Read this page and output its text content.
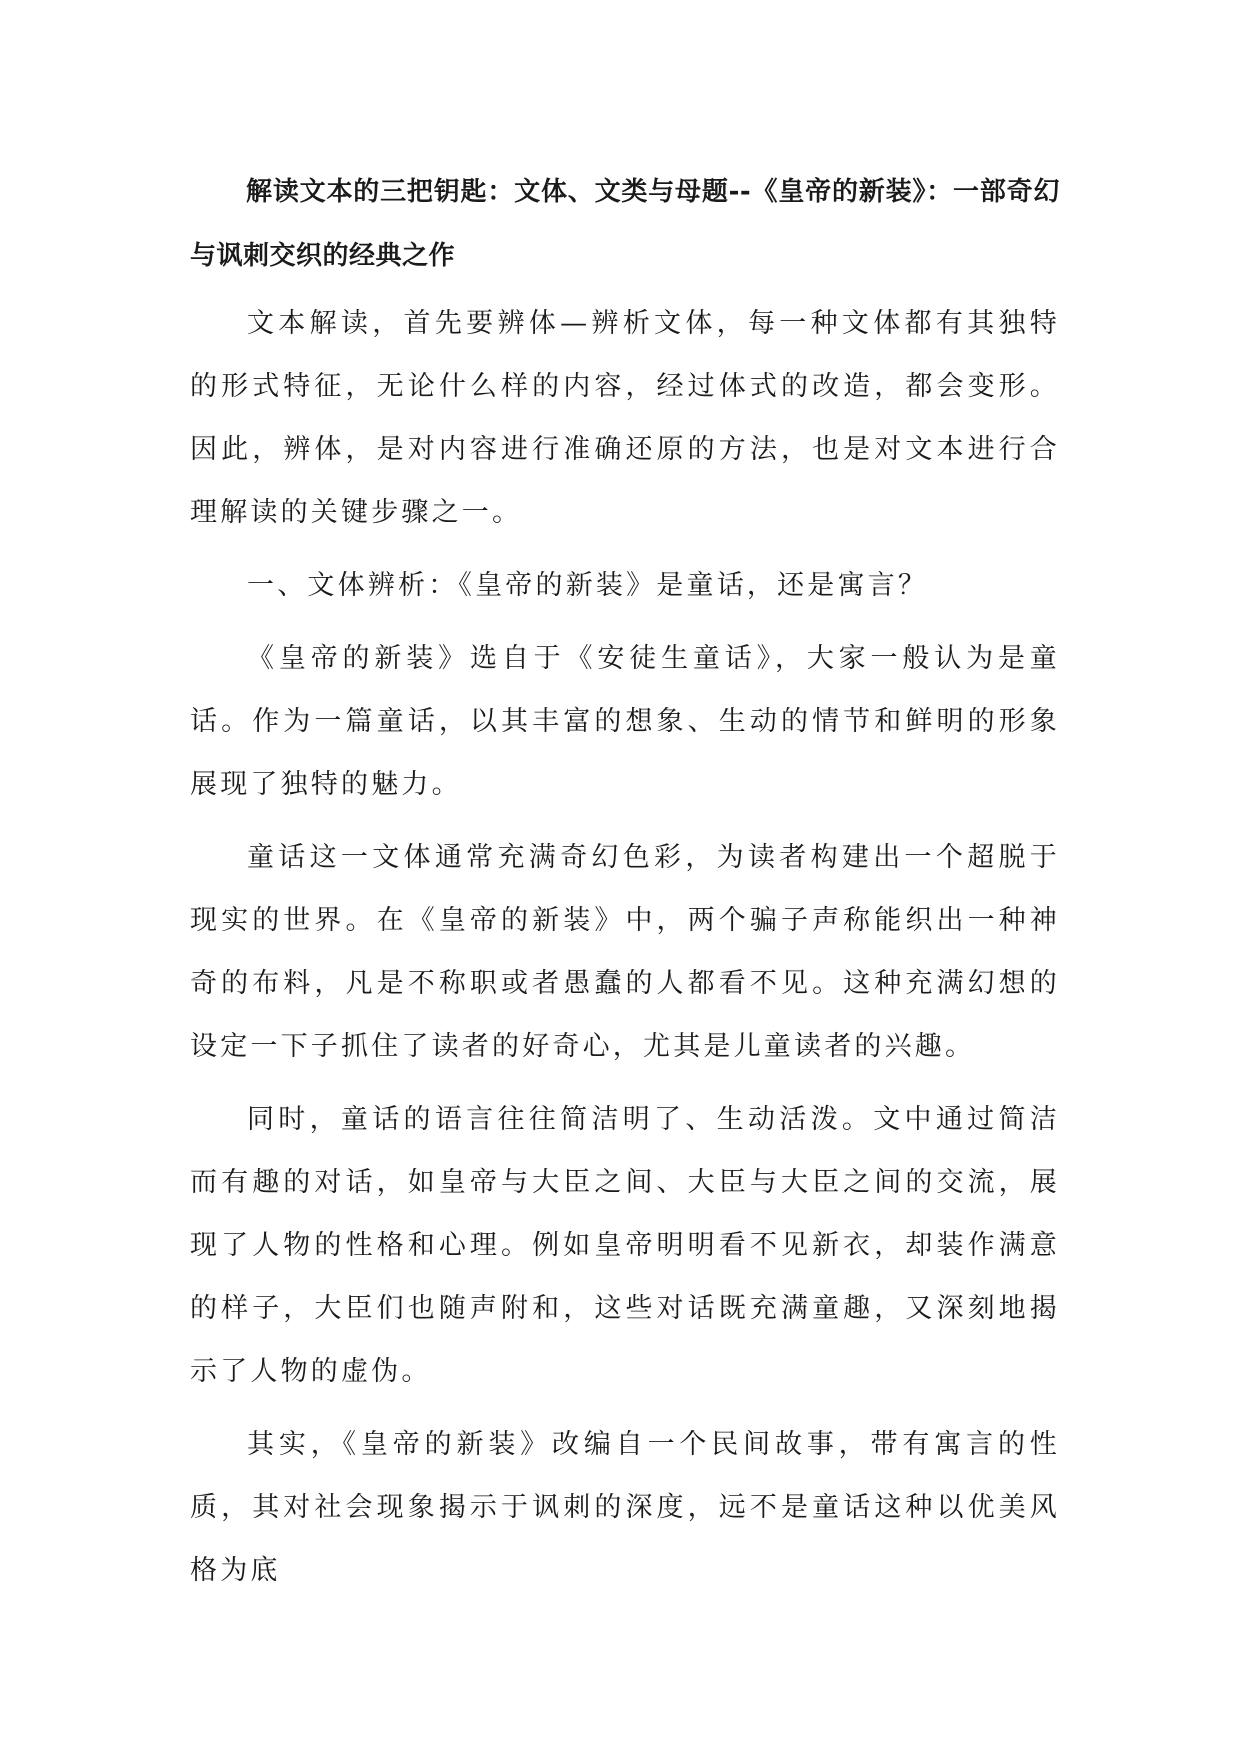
解读文本的三把钥匙：文体、文类与母题--《皇帝的新装》：一部奇幻与讽刺交织的经典之作

文本解读，首先要辨体—辨析文体，每一种文体都有其独特的形式特征，无论什么样的内容，经过体式的改造，都会变形。因此，辨体，是对内容进行准确还原的方法，也是对文本进行合理解读的关键步骤之一。

一、文体辨析：《皇帝的新装》是童话，还是寓言？

《皇帝的新装》选自于《安徒生童话》，大家一般认为是童话。作为一篇童话，以其丰富的想象、生动的情节和鲜明的形象展现了独特的魅力。

童话这一文体通常充满奇幻色彩，为读者构建出一个超脱于现实的世界。在《皇帝的新装》中，两个骗子声称能织出一种神奇的布料，凡是不称职或者愚蠢的人都看不见。这种充满幻想的设定一下子抓住了读者的好奇心，尤其是儿童读者的兴趣。

同时，童话的语言往往简洁明了、生动活泼。文中通过简洁而有趣的对话，如皇帝与大臣之间、大臣与大臣之间的交流，展现了人物的性格和心理。例如皇帝明明看不见新衣，却装作满意的样子，大臣们也随声附和，这些对话既充满童趣，又深刻地揭示了人物的虚伪。

其实，《皇帝的新装》改编自一个民间故事，带有寓言的性质，其对社会现象揭示于讽刺的深度，远不是童话这种以优美风格为底
